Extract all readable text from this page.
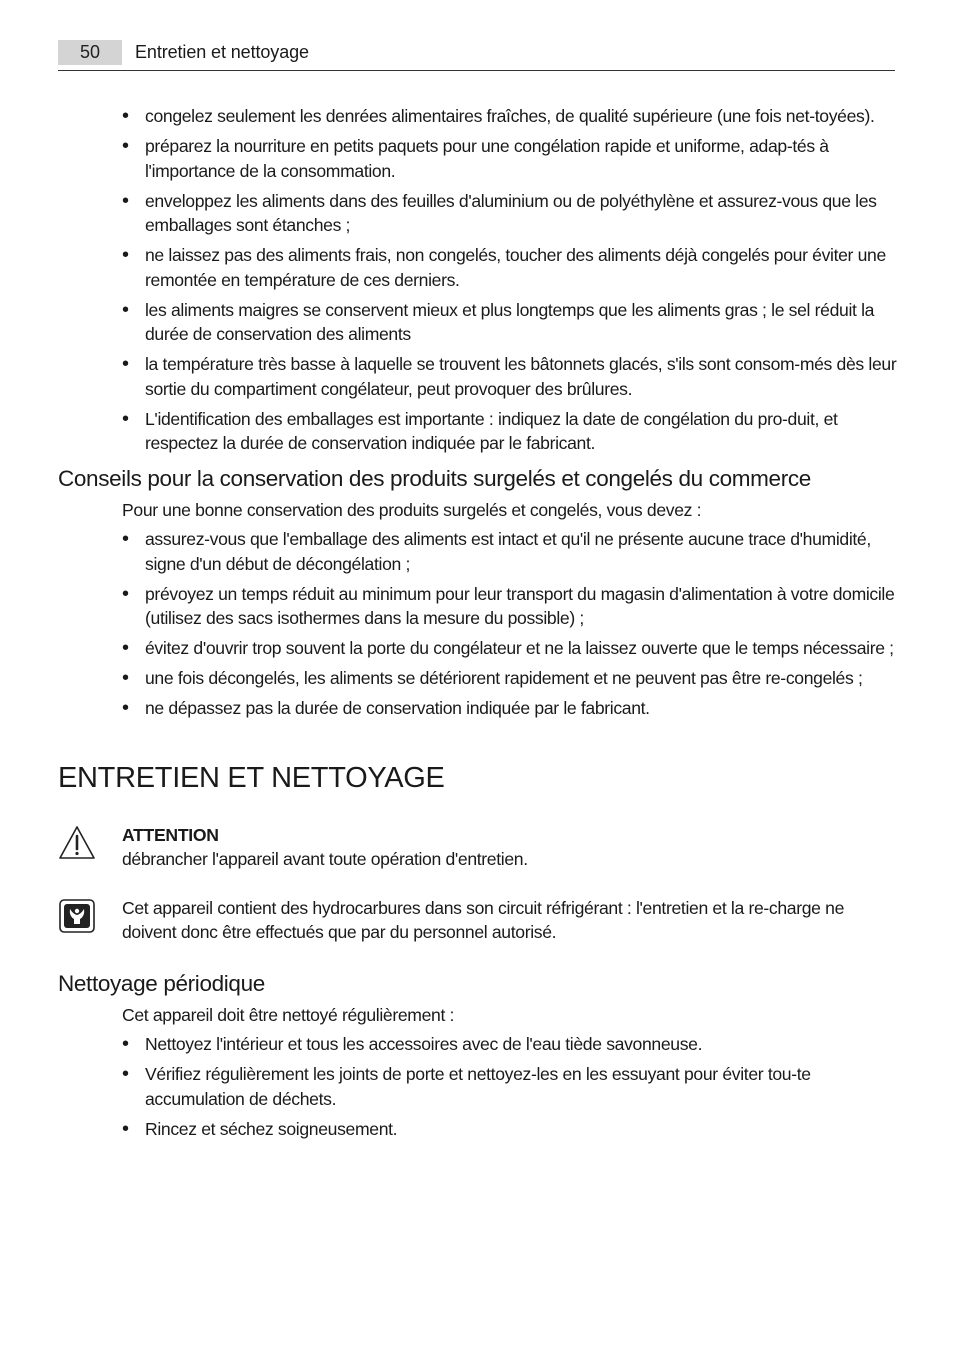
50	Entretien et nettoyage
• congelez seulement les denrées alimentaires fraîches, de qualité supérieure (une fois net-toyées).
• préparez la nourriture en petits paquets pour une congélation rapide et uniforme, adap-tés à l'importance de la consommation.
• enveloppez les aliments dans des feuilles d'aluminium ou de polyéthylène et assurez-vous que les emballages sont étanches ;
• ne laissez pas des aliments frais, non congelés, toucher des aliments déjà congelés pour éviter une remontée en température de ces derniers.
• les aliments maigres se conservent mieux et plus longtemps que les aliments gras ; le sel réduit la durée de conservation des aliments
• la température très basse à laquelle se trouvent les bâtonnets glacés, s'ils sont consom-més dès leur sortie du compartiment congélateur, peut provoquer des brûlures.
• L'identification des emballages est importante : indiquez la date de congélation du pro-duit, et respectez la durée de conservation indiquée par le fabricant.
Conseils pour la conservation des produits surgelés et congelés du commerce
Pour une bonne conservation des produits surgelés et congelés, vous devez :
• assurez-vous que l'emballage des aliments est intact et qu'il ne présente aucune trace d'humidité, signe d'un début de décongélation ;
• prévoyez un temps réduit au minimum pour leur transport du magasin d'alimentation à votre domicile (utilisez des sacs isothermes dans la mesure du possible) ;
• évitez d'ouvrir trop souvent la porte du congélateur et ne la laissez ouverte que le temps nécessaire ;
• une fois décongelés, les aliments se détériorent rapidement et ne peuvent pas être re-congelés ;
• ne dépassez pas la durée de conservation indiquée par le fabricant.
ENTRETIEN ET NETTOYAGE
ATTENTION
débrancher l'appareil avant toute opération d'entretien.
Cet appareil contient des hydrocarbures dans son circuit réfrigérant : l'entretien et la re-charge ne doivent donc être effectués que par du personnel autorisé.
Nettoyage périodique
Cet appareil doit être nettoyé régulièrement :
• Nettoyez l'intérieur et tous les accessoires avec de l'eau tiède savonneuse.
• Vérifiez régulièrement les joints de porte et nettoyez-les en les essuyant pour éviter tou-te accumulation de déchets.
• Rincez et séchez soigneusement.
